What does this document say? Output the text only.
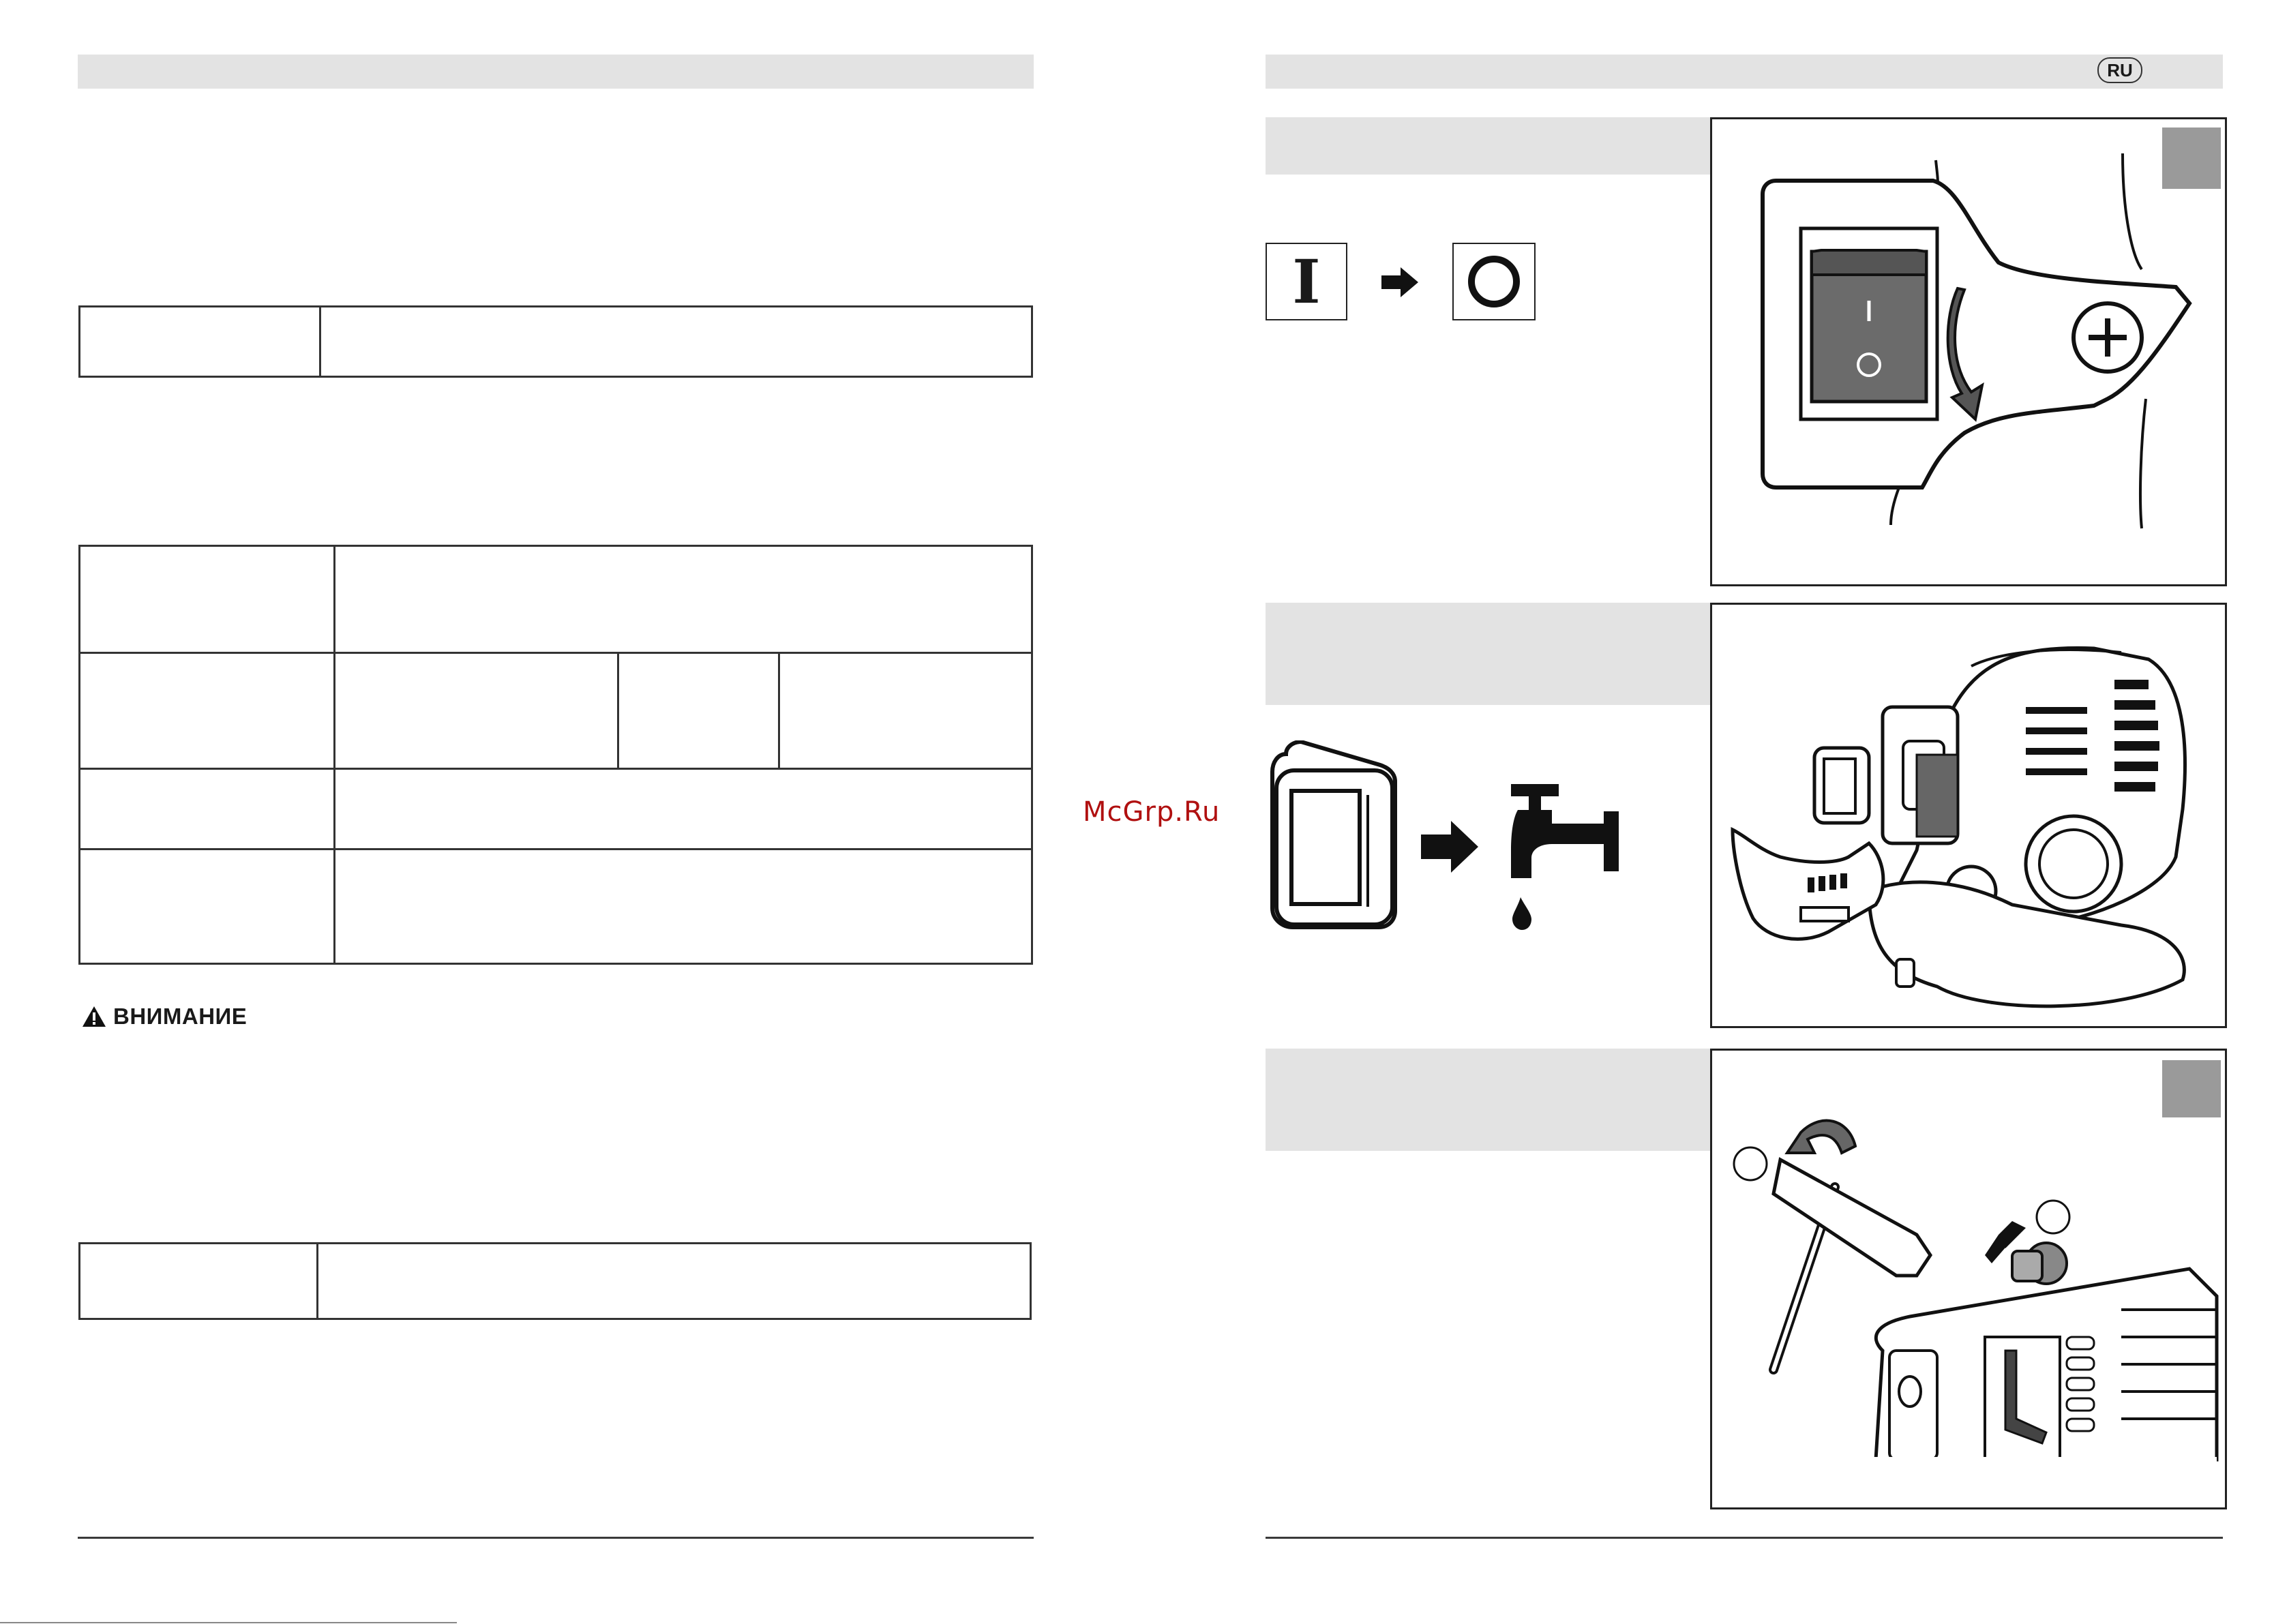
ВНИМАНИЕ

McGrp.Ru
RU
I
